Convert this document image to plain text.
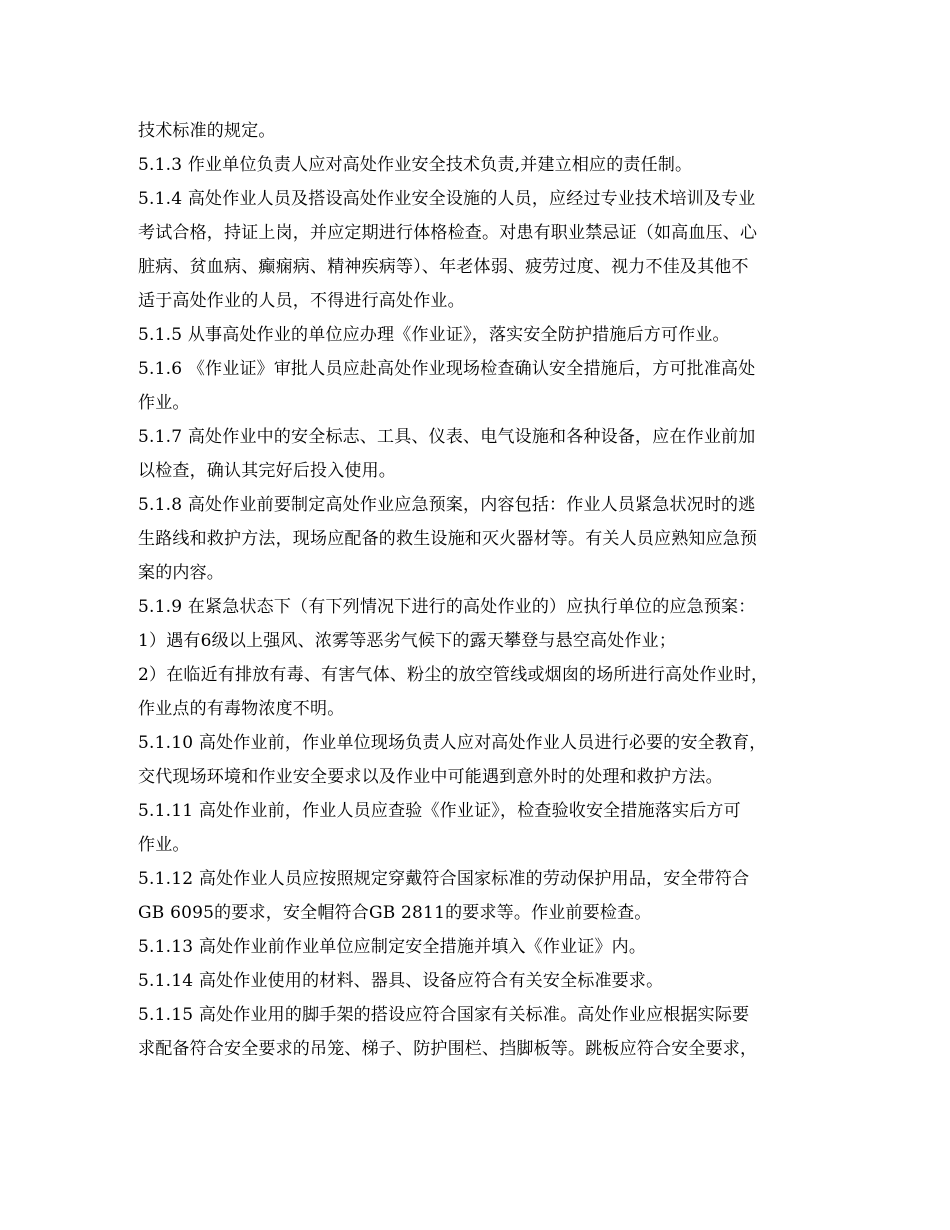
技术标准的规定。
5.1.3 作业单位负责人应对高处作业安全技术负责,并建立相应的责任制。
5.1.4 高处作业人员及搭设高处作业安全设施的人员，应经过专业技术培训及专业
考试合格，持证上岗，并应定期进行体格检查。对患有职业禁忌证（如高血压、心
脏病、贫血病、癫痫病、精神疾病等）、年老体弱、疲劳过度、视力不佳及其他不
适于高处作业的人员，不得进行高处作业。
5.1.5 从事高处作业的单位应办理《作业证》，落实安全防护措施后方可作业。
5.1.6 《作业证》审批人员应赴高处作业现场检查确认安全措施后，方可批准高处
作业。
5.1.7 高处作业中的安全标志、工具、仪表、电气设施和各种设备，应在作业前加
以检查，确认其完好后投入使用。
5.1.8 高处作业前要制定高处作业应急预案，内容包括：作业人员紧急状况时的逃
生路线和救护方法，现场应配备的救生设施和灭火器材等。有关人员应熟知应急预
案的内容。
5.1.9 在紧急状态下（有下列情况下进行的高处作业的）应执行单位的应急预案：
1）遇有6级以上强风、浓雾等恶劣气候下的露天攀登与悬空高处作业；
2）在临近有排放有毒、有害气体、粉尘的放空管线或烟囱的场所进行高处作业时，
作业点的有毒物浓度不明。
5.1.10 高处作业前，作业单位现场负责人应对高处作业人员进行必要的安全教育，
交代现场环境和作业安全要求以及作业中可能遇到意外时的处理和救护方法。
5.1.11 高处作业前，作业人员应查验《作业证》，检查验收安全措施落实后方可
作业。
5.1.12 高处作业人员应按照规定穿戴符合国家标准的劳动保护用品，安全带符合
GB 6095的要求，安全帽符合GB 2811的要求等。作业前要检查。
5.1.13 高处作业前作业单位应制定安全措施并填入《作业证》内。
5.1.14 高处作业使用的材料、器具、设备应符合有关安全标准要求。
5.1.15 高处作业用的脚手架的搭设应符合国家有关标准。高处作业应根据实际要
求配备符合安全要求的吊笼、梯子、防护围栏、挡脚板等。跳板应符合安全要求，
